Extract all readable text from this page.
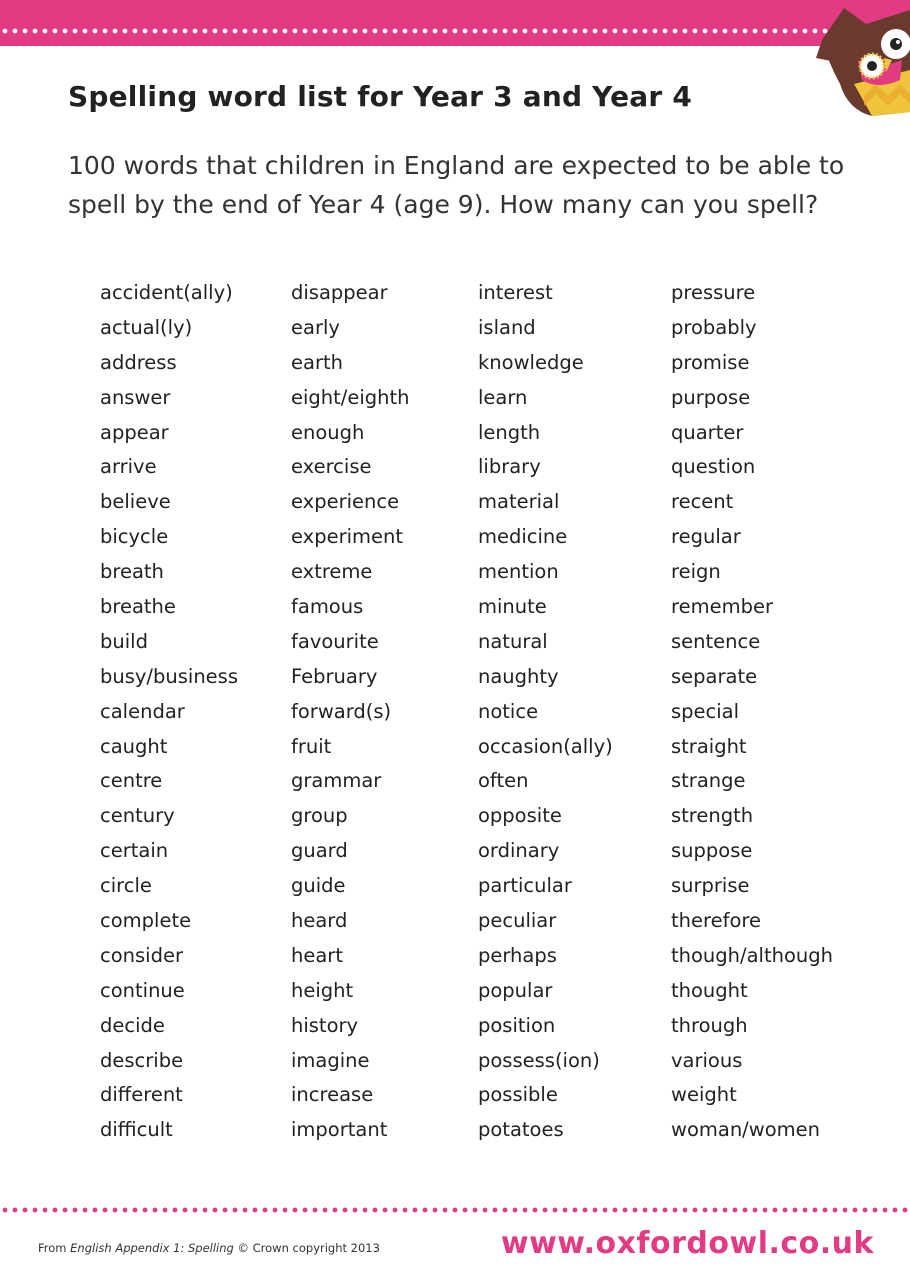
Spelling word list for Year 3 and Year 4

100 words that children in England are expected to be able to spell by the end of Year 4 (age 9). How many can you spell?

accident(ally)
actual(ly)
address
answer
appear
arrive
believe
bicycle
breath
breathe
build
busy/business
calendar
caught
centre
century
certain
circle
complete
consider
continue
decide
describe
different
difficult
disappear
early
earth
eight/eighth
enough
exercise
experience
experiment
extreme
famous
favourite
February
forward(s)
fruit
grammar
group
guard
guide
heard
heart
height
history
imagine
increase
important
interest
island
knowledge
learn
length
library
material
medicine
mention
minute
natural
naughty
notice
occasion(ally)
often
opposite
ordinary
particular
peculiar
perhaps
popular
position
possess(ion)
possible
potatoes
pressure
probably
promise
purpose
quarter
question
recent
regular
reign
remember
sentence
separate
special
straight
strange
strength
suppose
surprise
therefore
though/although
thought
through
various
weight
woman/women
From English Appendix 1: Spelling © Crown copyright 2013	www.oxfordowl.co.uk
